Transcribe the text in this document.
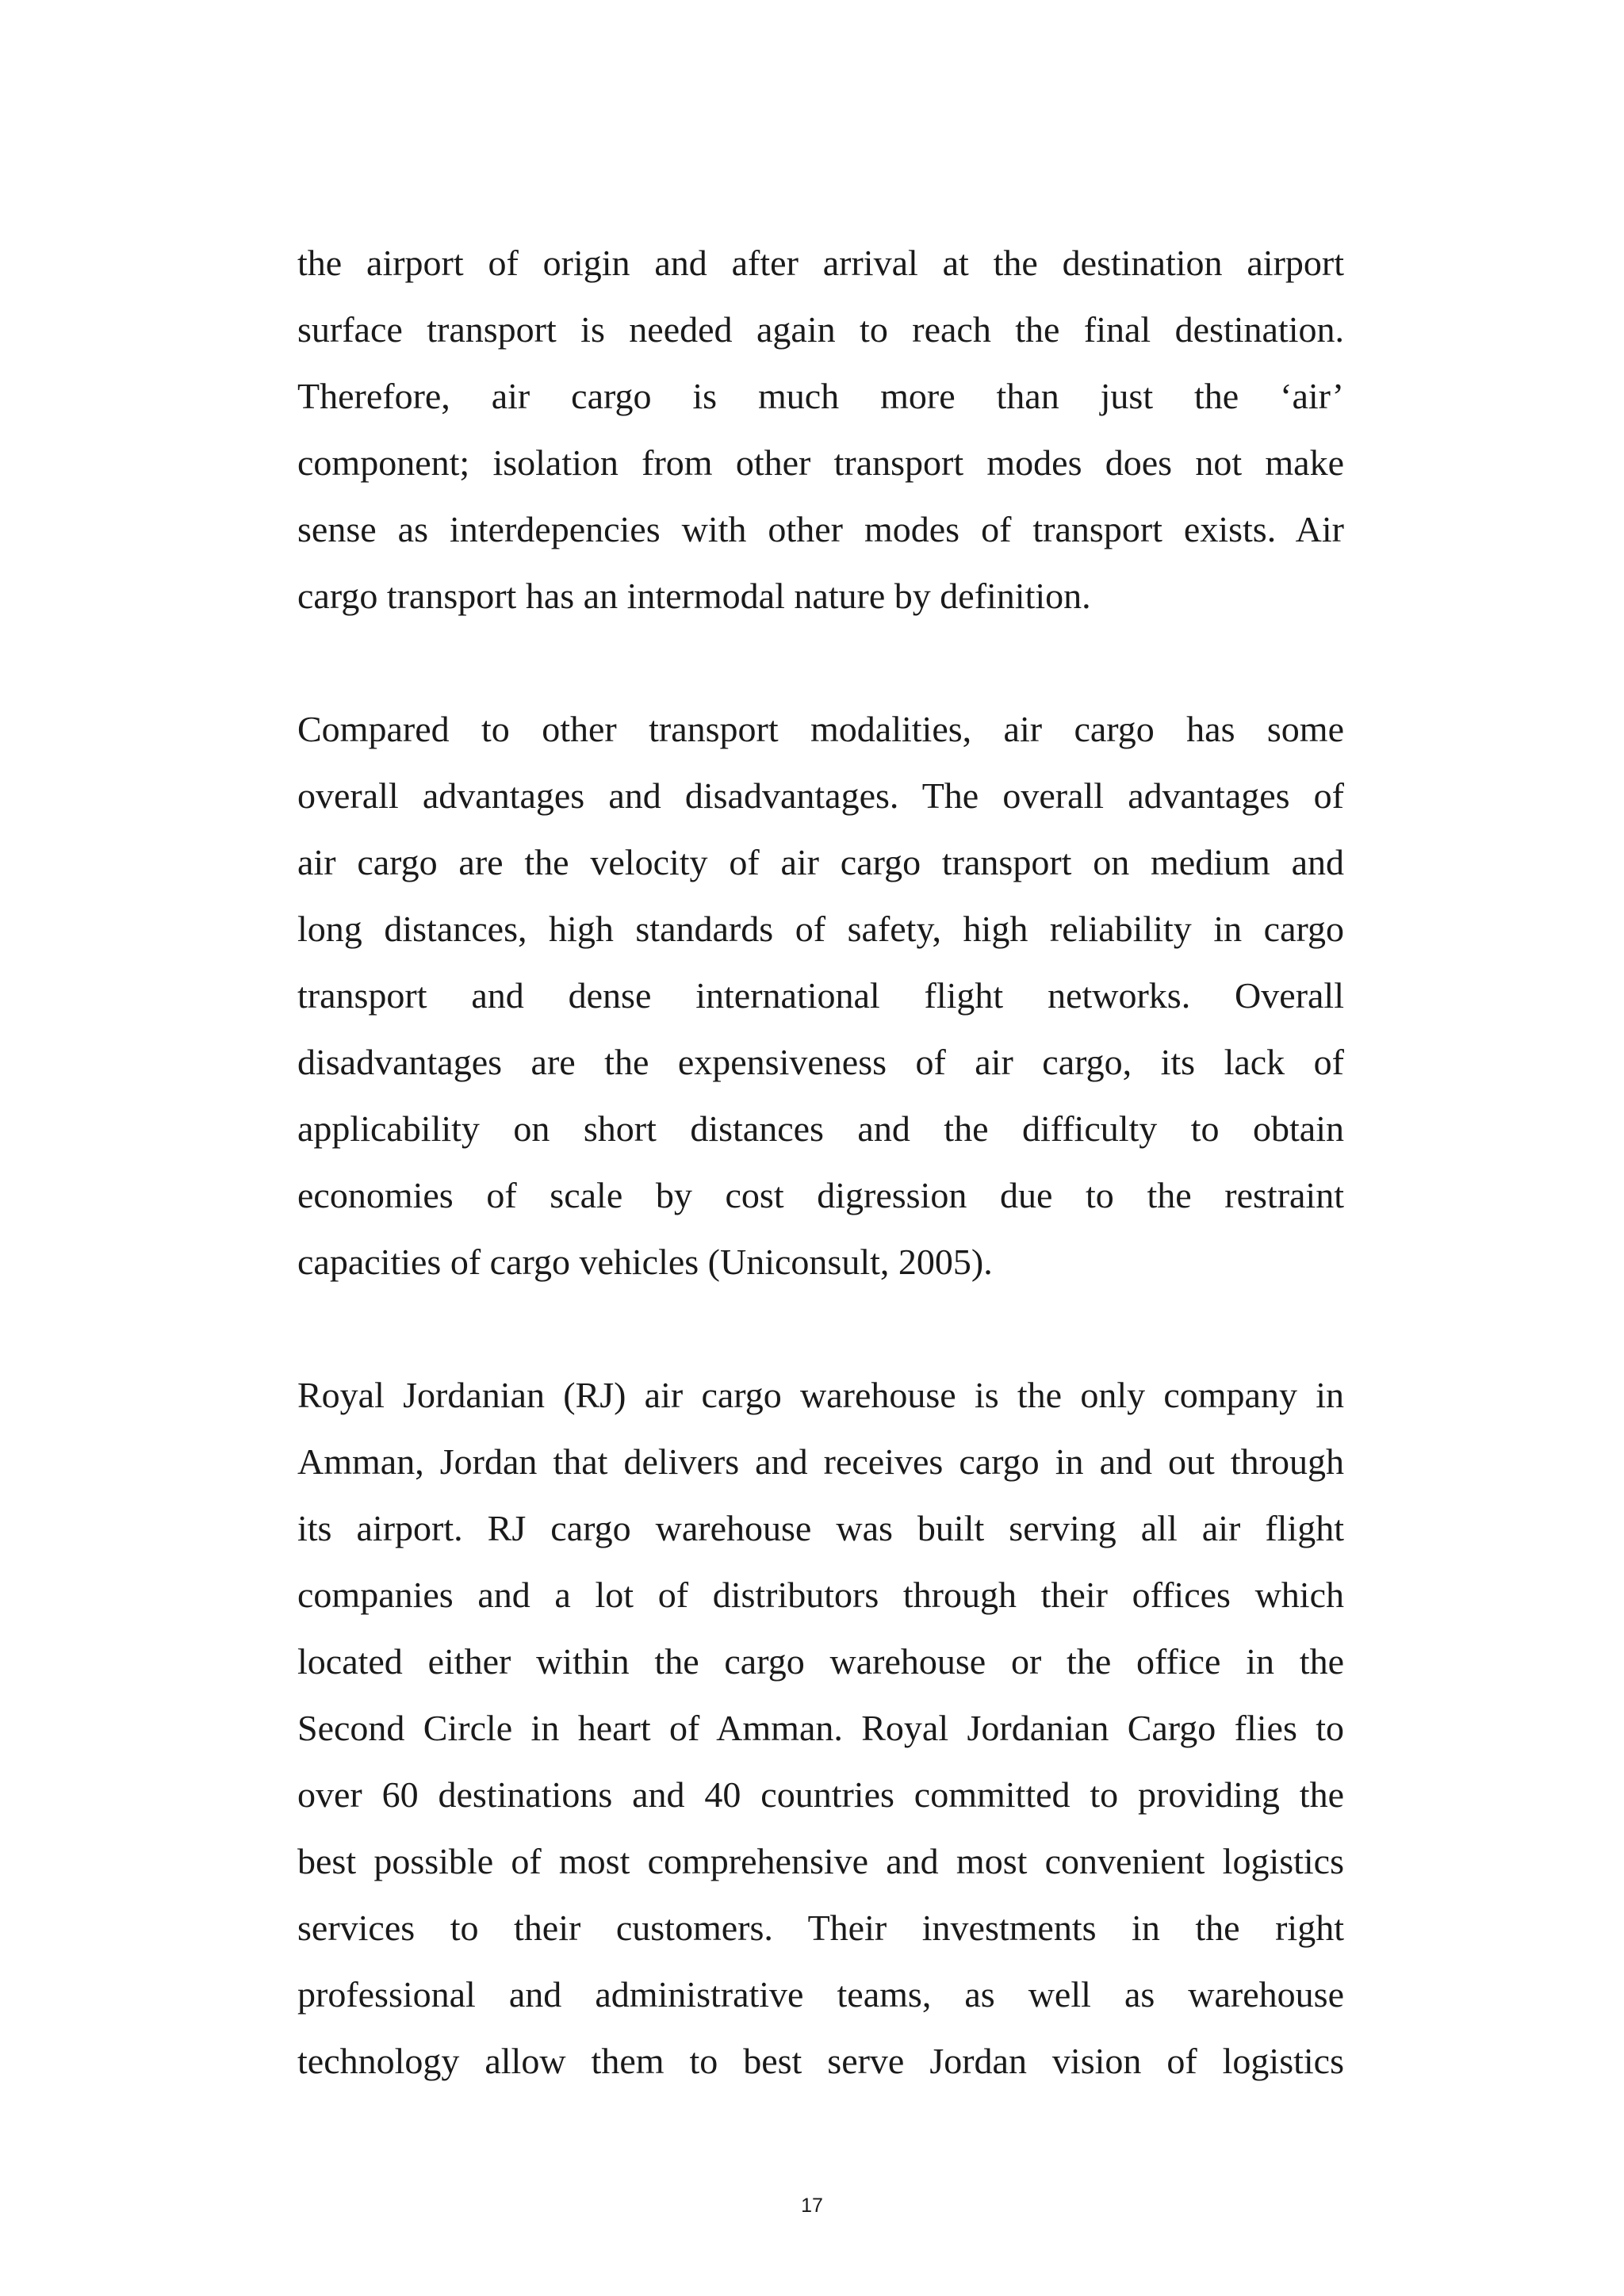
the airport of origin and after arrival at the destination airport
surface transport is needed again to reach the final destination.
Therefore, air cargo is much more than just the ‘air’
component; isolation from other transport modes does not make
sense as interdepencies with other modes of transport exists. Air
cargo transport has an intermodal nature by definition.
Compared to other transport modalities, air cargo has some
overall advantages and disadvantages. The overall advantages of
air cargo are the velocity of air cargo transport on medium and
long distances, high standards of safety, high reliability in cargo
transport and dense international flight networks. Overall
disadvantages are the expensiveness of air cargo, its lack of
applicability on short distances and the difficulty to obtain
economies of scale by cost digression due to the restraint
capacities of cargo vehicles (Uniconsult, 2005).
Royal Jordanian (RJ) air cargo warehouse is the only company in
Amman, Jordan that delivers and receives cargo in and out through
its airport. RJ cargo warehouse was built serving all air flight
companies and a lot of distributors through their offices which
located either within the cargo warehouse or the office in the
Second Circle in heart of Amman. Royal Jordanian Cargo flies to
over 60 destinations and 40 countries committed to providing the
best possible of most comprehensive and most convenient logistics
services to their customers. Their investments in the right
professional and administrative teams, as well as warehouse
technology allow them to best serve Jordan vision of logistics
17
